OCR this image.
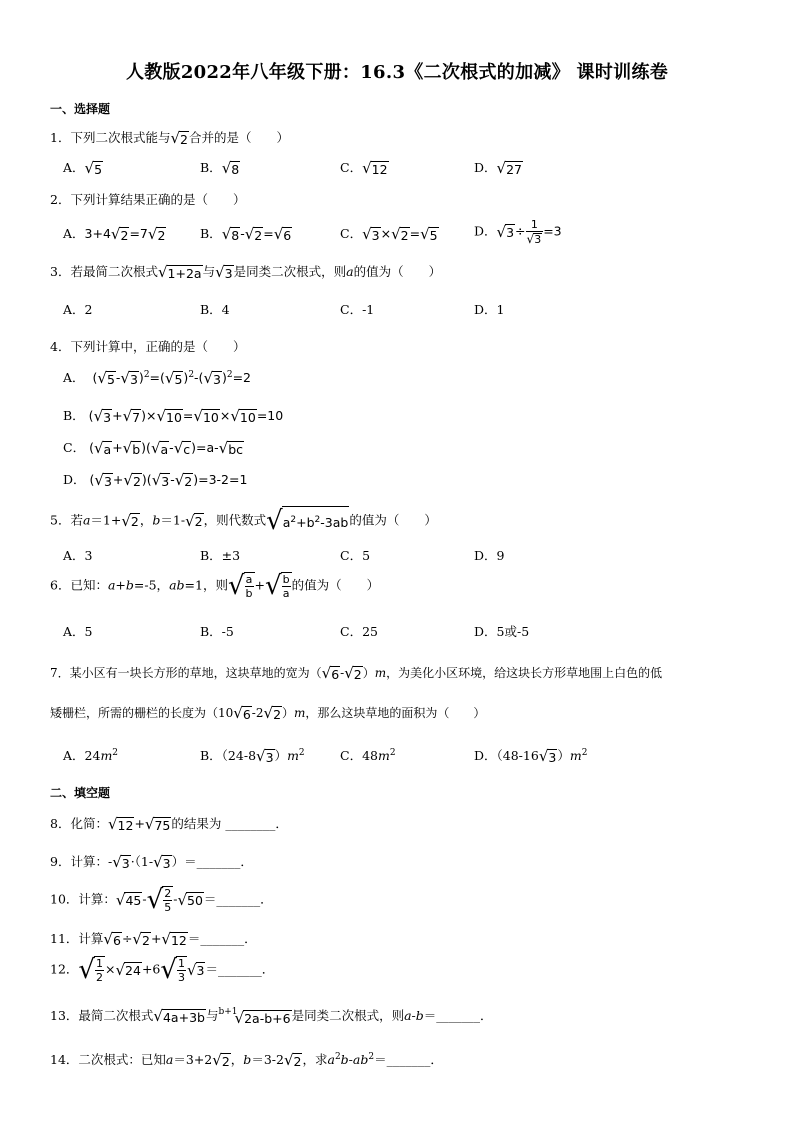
人教版2022年八年级下册：16.3《二次根式的加减》 课时训练卷
一、选择题
1．下列二次根式能与√2合并的是（　　）
A．√5	B．√8	C．√12	D．√27
2．下列计算结果正确的是（　　）
A．3+4√2=7√2	B．√8-√2=√6	C．√3×√2=√5	D．$√3\div \frac{1}{√3} =3$
3．若最简二次根式√1+2a与√3是同类二次根式，则a的值为（　　）
A．2	B．4	C．-1	D．1
4．下列计算中，正确的是（　　）
A． $(√5-√3)^2=(√5)^2-(√3)^2=2$
B． (√3+√7)×√10=√10×√10=10
C． (√a+√b)(√a-√c)=a-√bc
D． (√3+√2)(√3-√2)=3-2=1
5．若a＝1+√2，b＝1-√2，则代数式$√a^2+b^2-3ab$的值为（　　）
A．3	B．±3	C．5	D．9
6．已知：a+b=-5，ab=1，则√ $\frac{a}{b}$ +√ $\frac{b}{a}$ 的值为（　　）
A．5	B．-5	C．25	D．5或-5
7．某小区有一块长方形的草地，这块草地的宽为（√6-√2）m，为美化小区环境，给这块长方形草地围上白色的低
矮栅栏，所需的栅栏的长度为（10√6-2√2）m，那么这块草地的面积为（　　）
A．$24m^2$	B．$(24-8√3)m^2$	C．$48m^2$	D．$(48-16√3)m^2$
二、填空题
8．化简：√12+√75的结果为 ________．
9．计算：-√3·（1-√3）＝_______．
10．计算：$√45-√ \frac{2}{5}$ -√50＝_______．
11．计算√6÷√2+√12＝_______．
12．√ $\frac{1}{2} \times√24+6√ \frac{1}{3}$ √3＝_______．
13．最简二次根式√4a+3b与$^{b+1}$√2a-b+6是同类二次根式，则a-b＝_______．
14．二次根式：已知a＝3+2√2，b＝3-2√2，求$a^2b-ab^2=\_\_\_\_\_\_\_$．
